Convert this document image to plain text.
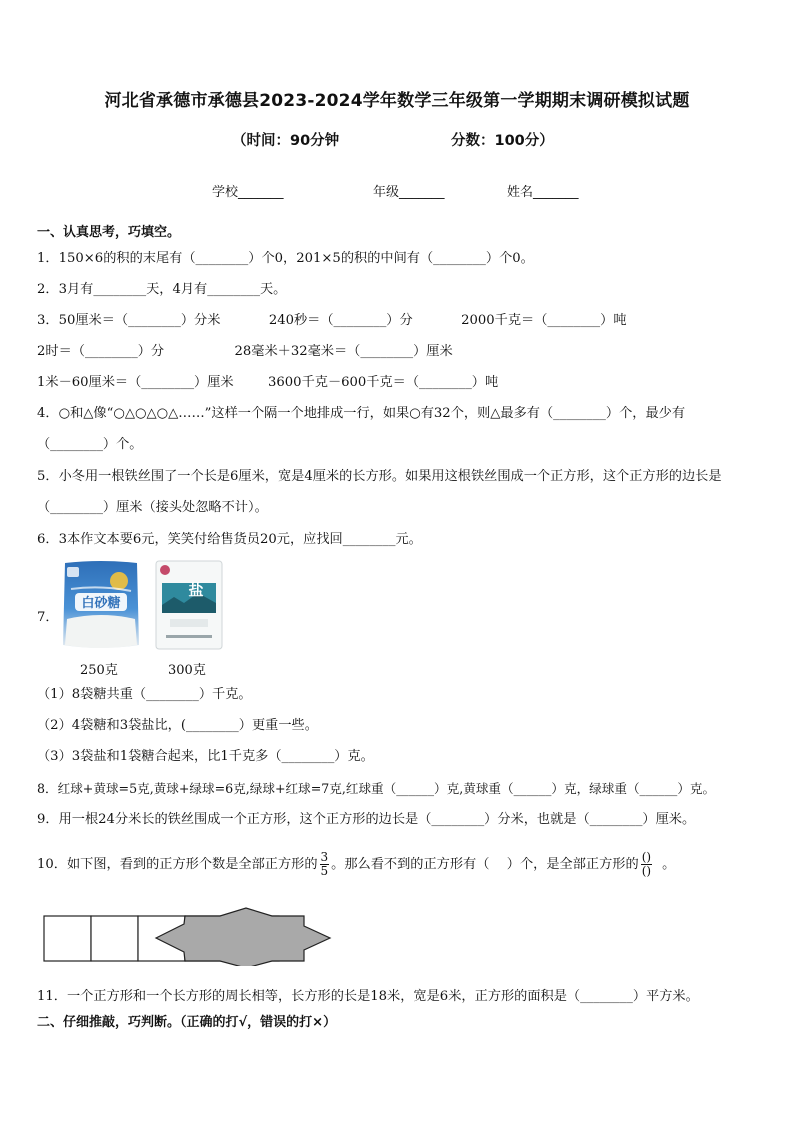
河北省承德市承德县2023-2024学年数学三年级第一学期期末调研模拟试题
（时间：90分钟	分数：100分）
学校_______	年级_______	姓名_______
一、认真思考，巧填空。
1．150×6的积的末尾有（________）个0，201×5的积的中间有（________）个0。
2．3月有________天，4月有________天。
3．50厘米＝（________）分米	240秒＝（________）分	2000千克＝（________）吨
2时＝（________）分	28毫米＋32毫米＝（________）厘米
1米－60厘米＝（________）厘米	3600千克－600千克＝（________）吨
4．○和△像“○△○△○△……”这样一个隔一个地排成一行，如果○有32个，则△最多有（________）个，最少有
（________）个。
5．小冬用一根铁丝围了一个长是6厘米，宽是4厘米的长方形。如果用这根铁丝围成一个正方形，这个正方形的边长是
（________）厘米（接头处忽略不计）。
6．3本作文本要6元，笑笑付给售货员20元，应找回________元。
7．
白砂糖
盐
250克	300克
（1）8袋糖共重（________）千克。
（2）4袋糖和3袋盐比，(________）更重一些。
（3）3袋盐和1袋糖合起来，比1千克多（________）克。
8．红球+黄球=5克,黄球+绿球=6克,绿球+红球=7克,红球重（______）克,黄球重（______）克，绿球重（______）克。
9．用一根24分米长的铁丝围成一个正方形，这个正方形的边长是（________）分米，也就是（________）厘米。
10．如下图，看到的正方形个数是全部正方形的 $\frac{3}{5}$ 。那么看不到的正方形有（　 ）个，是全部正方形的 $\frac{()}{()}$ 。
11．一个正方形和一个长方形的周长相等，长方形的长是18米，宽是6米，正方形的面积是（________）平方米。
二、仔细推敲，巧判断。（正确的打√，错误的打×）
